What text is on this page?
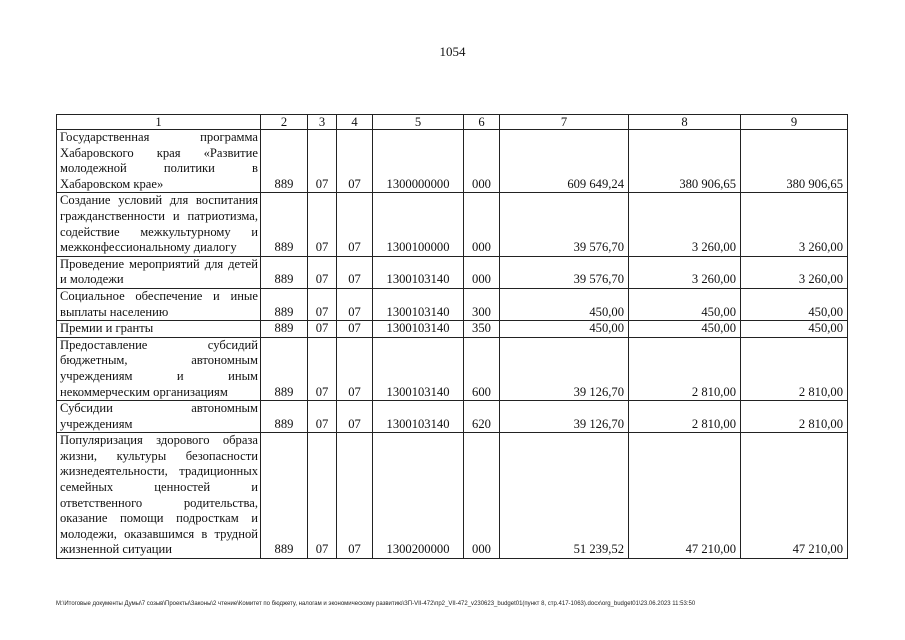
1054
1	2	3	4	5	6	7	8	9
Государственная программа Хабаровского края «Развитие молодежной политики в Хабаровском крае»	889	07	07	1300000000	000	609 649,24	380 906,65	380 906,65
Создание условий для воспитания гражданственности и патриотизма, содействие межкультурному и межконфессиональному диалогу	889	07	07	1300100000	000	39 576,70	3 260,00	3 260,00
Проведение мероприятий для детей и молодежи	889	07	07	1300103140	000	39 576,70	3 260,00	3 260,00
Социальное обеспечение и иные выплаты населению	889	07	07	1300103140	300	450,00	450,00	450,00
Премии и гранты	889	07	07	1300103140	350	450,00	450,00	450,00
Предоставление субсидий бюджетным, автономным учреждениям и иным некоммерческим организациям	889	07	07	1300103140	600	39 126,70	2 810,00	2 810,00
Субсидии автономным учреждениям	889	07	07	1300103140	620	39 126,70	2 810,00	2 810,00
Популяризация здорового образа жизни, культуры безопасности жизнедеятельности, традиционных семейных ценностей и ответственного родительства, оказание помощи подросткам и молодежи, оказавшимся в трудной жизненной ситуации	889	07	07	1300200000	000	51 239,52	47 210,00	47 210,00
M:\Итоговые документы Думы\7 созыв\Проекты\Законы\2 чтение\Комитет по бюджету, налогам и экономическому развитию\ЗП-VII-472\пр2_VII-472_v230623_budget01(пункт 8, стр.417-1063).docx\org_budget01\23.06.2023 11:53:50
